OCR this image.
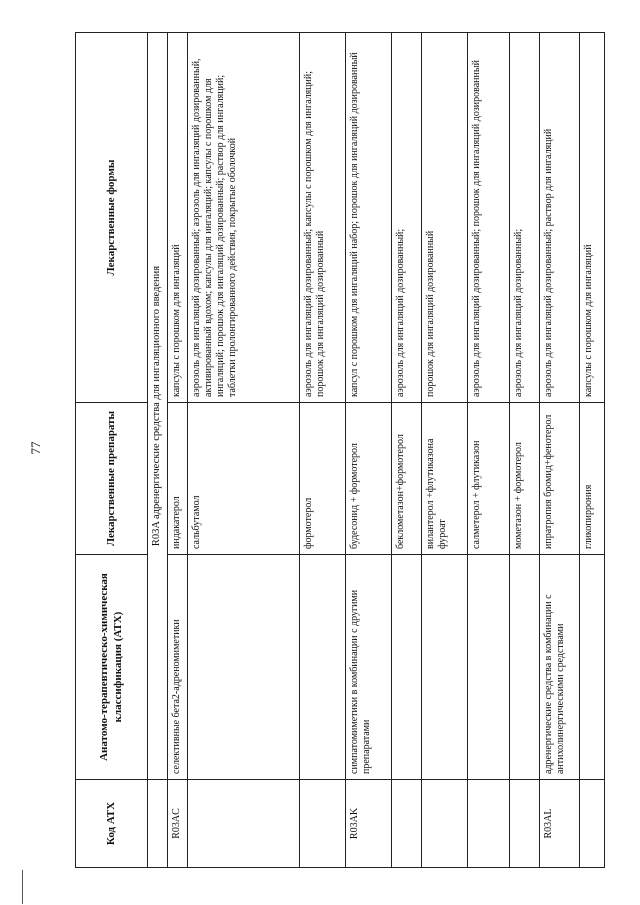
77
Код АТХ	Анатомо-терапевтическо-химическая классификация (АТХ)	Лекарственные препараты	Лекарственные формы
	R03A адренергические средства для ингаляционного введения		
R03AC	селективные бета2-адреномиметики	индакатерол	капсулы с порошком для ингаляций
		сальбутамол	аэрозоль для ингаляций дозированный; аэрозоль для ингаляций дозированный, активированный вдохом; капсулы для ингаляций; капсулы с порошком для ингаляций; порошок для ингаляций дозированный; раствор для ингаляций; таблетки пролонгированного действия, покрытые оболочкой
		формотерол	аэрозоль для ингаляций дозированный; капсулы с порошком для ингаляций; порошок для ингаляций дозированный
R03AK	симпатомиметики в комбинации с другими препаратами	будесонид + формотерол	капсул с порошком для ингаляций набор; порошок для ингаляций дозированный
		беклометазон+формотерол	аэрозоль для ингаляций дозированный;
		вилантерол +флутиказона фуроат	порошок для ингаляций дозированный
		салметерол + флутиказон	аэрозоль для ингаляций дозированный; порошок для ингаляций дозированный
		мометазон + формотерол	аэрозоль для ингаляций дозированный;
R03AL	адренергические средства в комбинации с антихолинергическими средствами	ипратропия бромид+фенотерол	аэрозоль для ингаляций дозированный; раствор для ингаляций
		гликопиррония	капсулы с порошком для ингаляций
